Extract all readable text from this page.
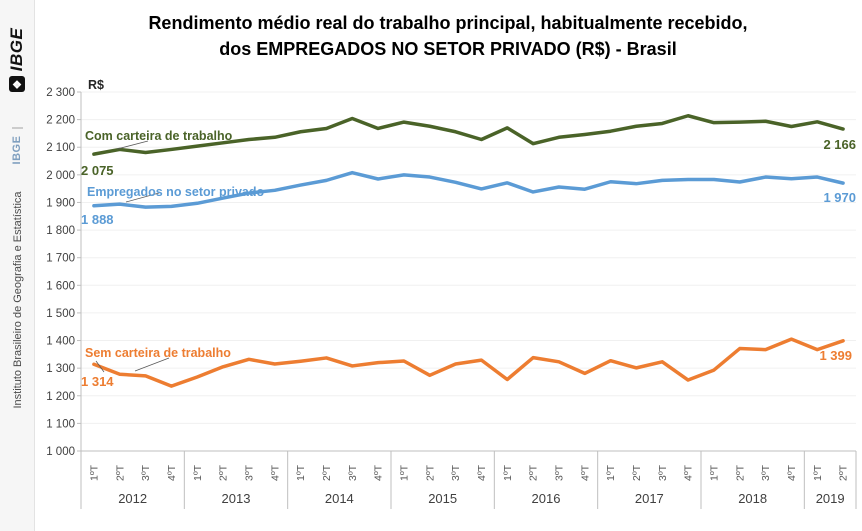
1 000
1 100
1 200
1 300
1 400
1 500
1 600
1 700
1 800
1 900
2 000
2 100
2 200
2 300
R$
1ºT 2ºT 3ºT 4ºT
2012
1ºT 2ºT 3ºT 4ºT
2013
1ºT 2ºT 3ºT 4ºT
2014
1ºT 2ºT 3ºT 4ºT
2015
1ºT 2ºT 3ºT 4ºT
2016
1ºT 2ºT 3ºT 4ºT
2017
1ºT 2ºT 3ºT 4ºT
2018
1ºT 2ºT
2019
Com carteira de trabalho
2 075
2 166
Empregados no setor privado
1 888
1 970
Sem carteira de trabalho
1 314
1 399
❖
IBGE
IBGE
Instituto Brasileiro de Geografia e Estatística
Rendimento médio real do trabalho principal, habitualmente recebido,
dos EMPREGADOS NO SETOR PRIVADO (R$) - Brasil
